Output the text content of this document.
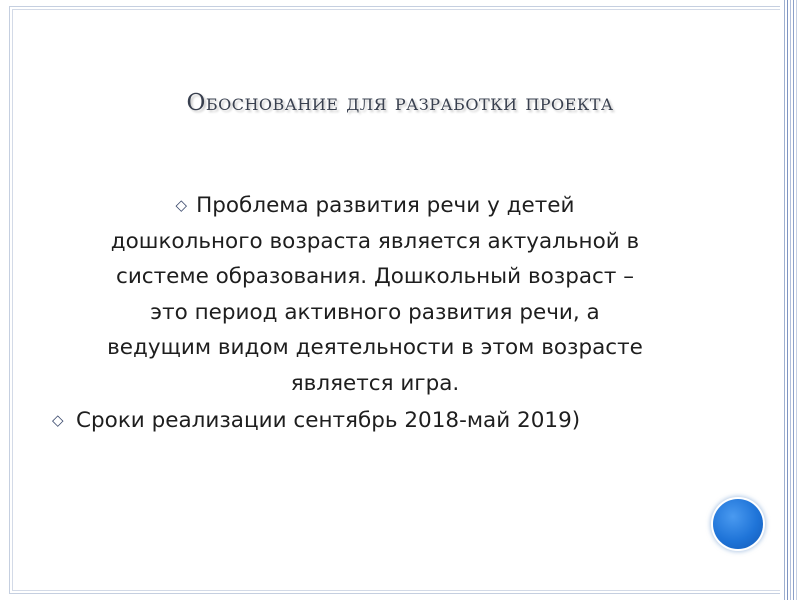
Обоснование для разработки проекта
◇ Проблема развития речи у детей
дошкольного возраста является актуальной в
системе образования. Дошкольный возраст –
это период активного развития речи, а
ведущим видом деятельности в этом возрасте
является игра.
◇ Сроки реализации сентябрь 2018-май 2019)
